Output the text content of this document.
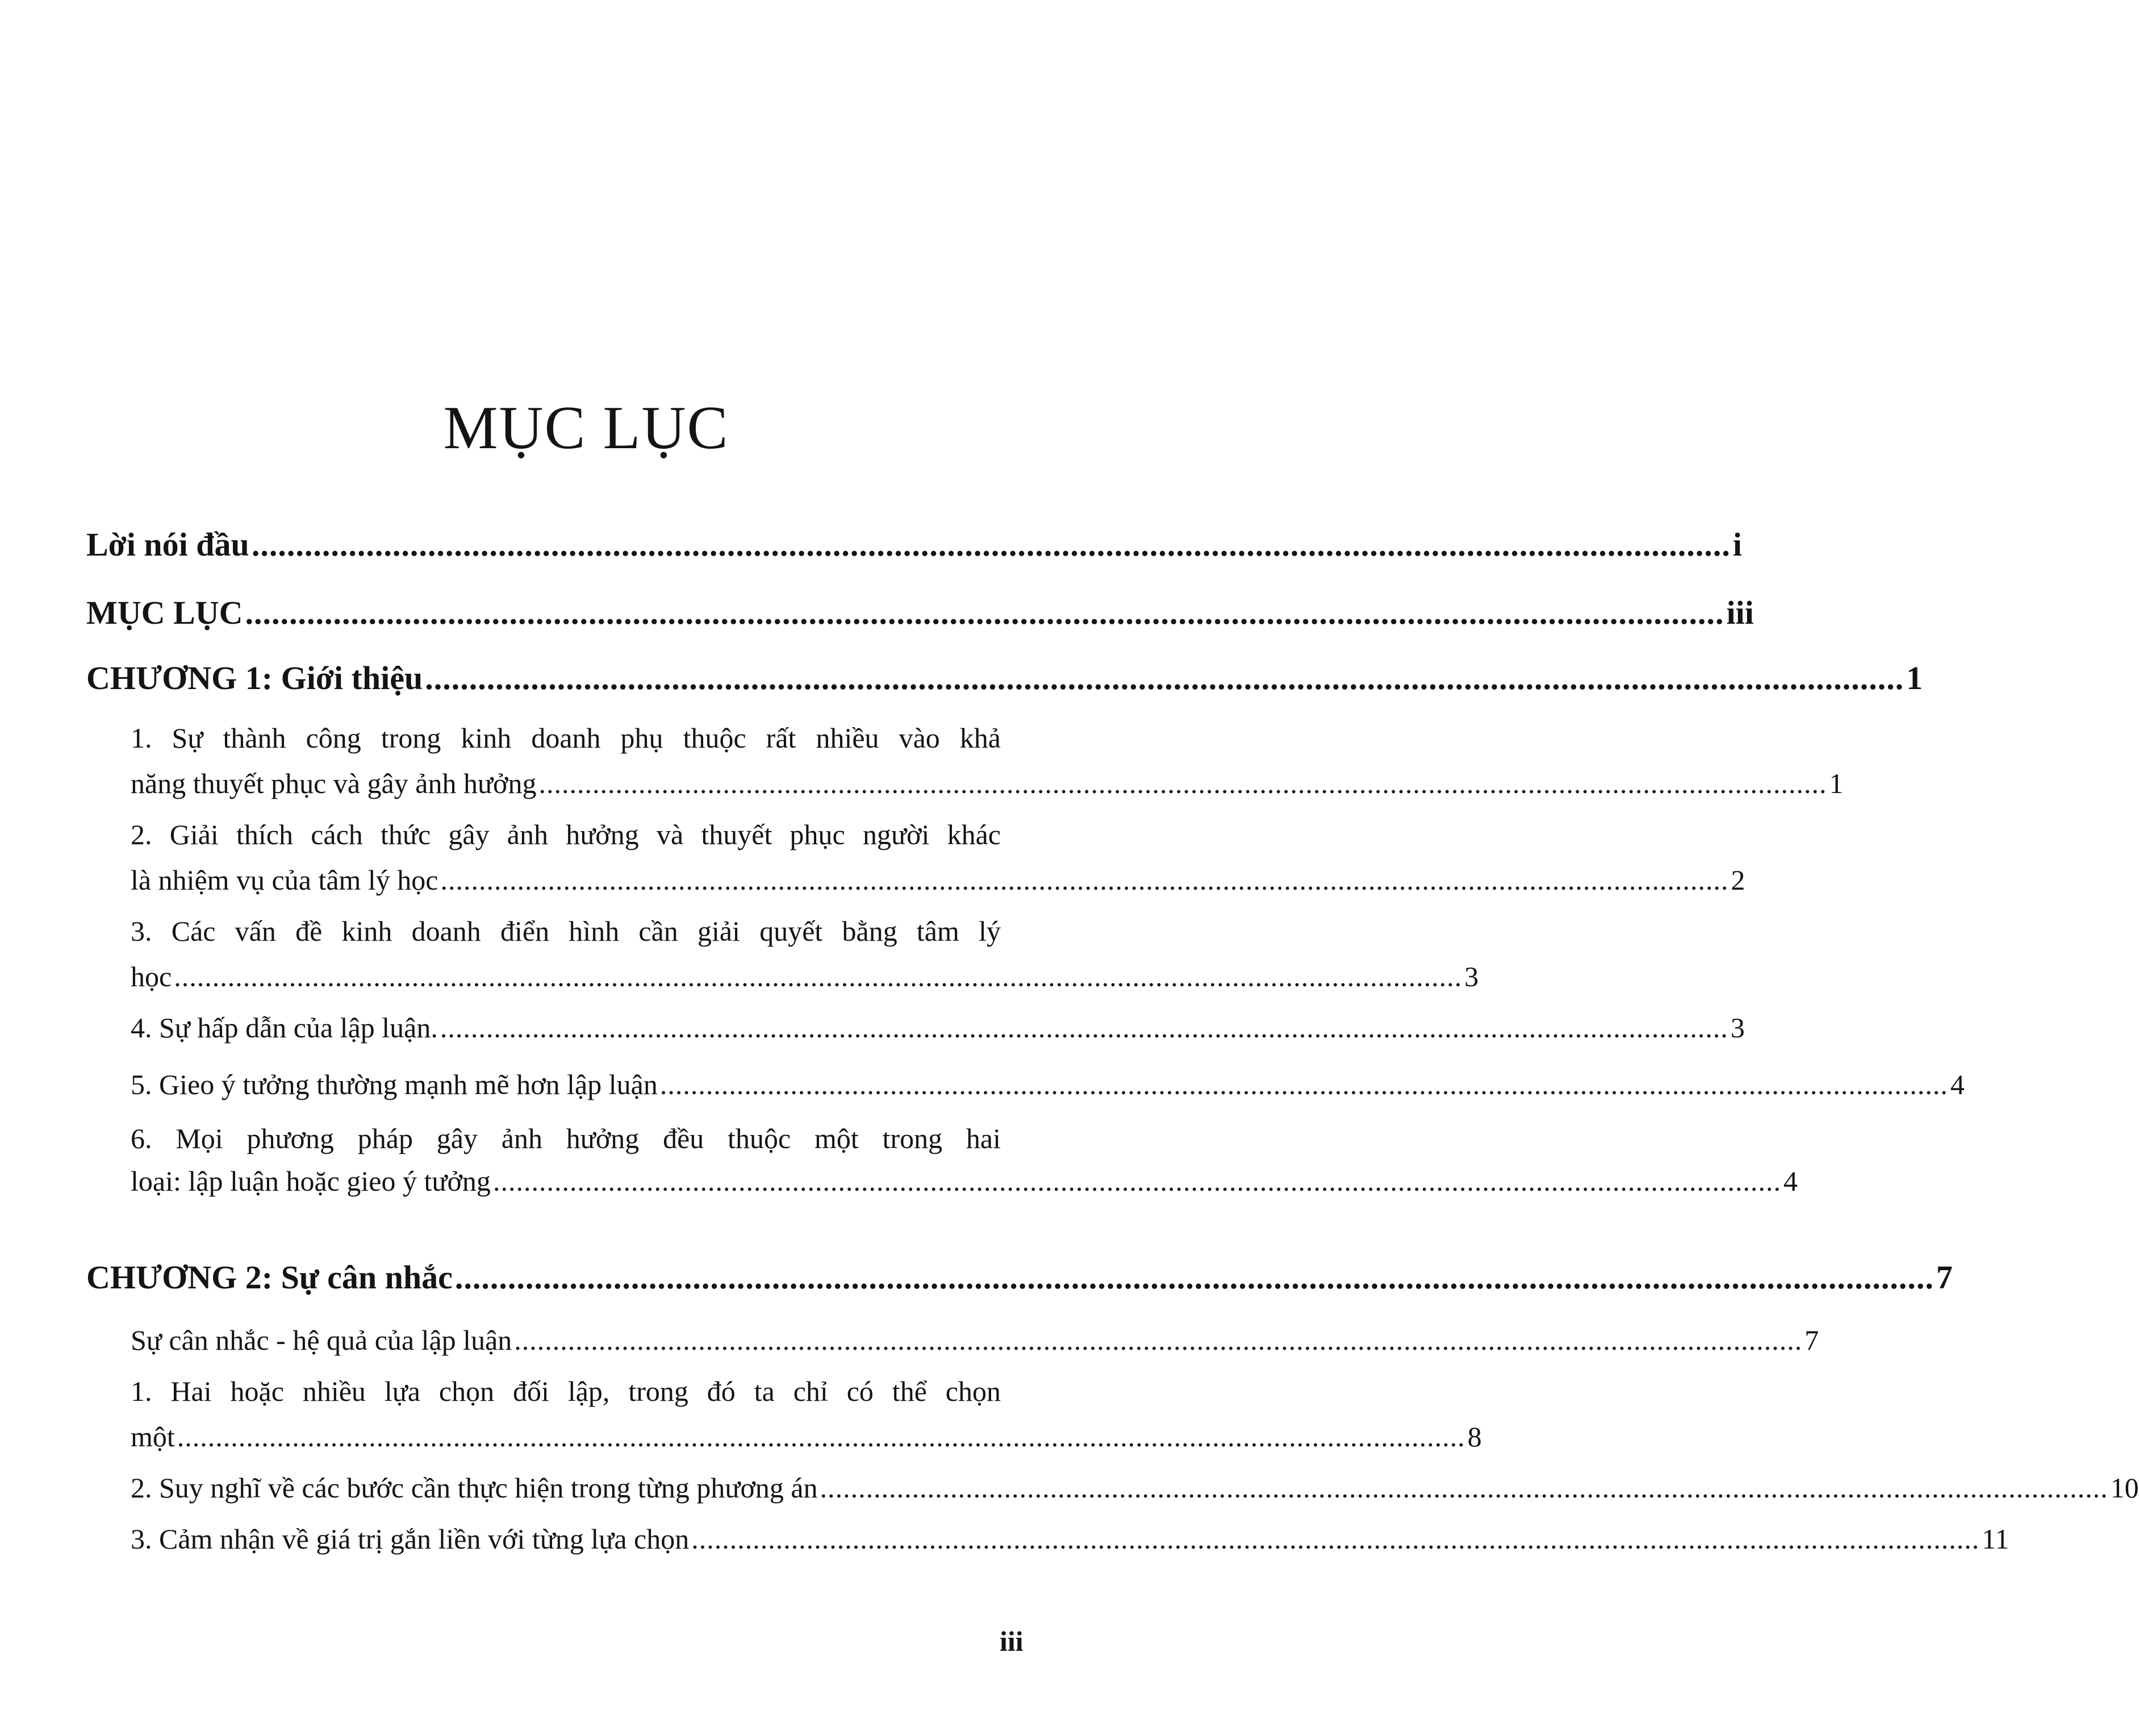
MỤC LỤC
Lời nói đầu ........................................................................................................................................................................ i
MỤC LỤC ........................................................................................................................................................................ iii
CHƯƠNG 1: Giới thiệu ........................................................................................................................................................................ 1
1. Sự thành công trong kinh doanh phụ thuộc rất nhiều vào khả
năng thuyết phục và gây ảnh hưởng ........................................................................................................................................................................ 1
2. Giải thích cách thức gây ảnh hưởng và thuyết phục người khác
là nhiệm vụ của tâm lý học ........................................................................................................................................................................ 2
3. Các vấn đề kinh doanh điển hình cần giải quyết bằng tâm lý
học ........................................................................................................................................................................ 3
4. Sự hấp dẫn của lập luận. ........................................................................................................................................................................ 3
5. Gieo ý tưởng thường mạnh mẽ hơn lập luận ........................................................................................................................................................................ 4
6. Mọi phương pháp gây ảnh hưởng đều thuộc một trong hai
loại: lập luận hoặc gieo ý tưởng ........................................................................................................................................................................ 4
CHƯƠNG 2: Sự cân nhắc ........................................................................................................................................................................ 7
Sự cân nhắc - hệ quả của lập luận ........................................................................................................................................................................ 7
1. Hai hoặc nhiều lựa chọn đối lập, trong đó ta chỉ có thể chọn
một ........................................................................................................................................................................ 8
2. Suy nghĩ về các bước cần thực hiện trong từng phương án ........................................................................................................................................................................ 10
3. Cảm nhận về giá trị gắn liền với từng lựa chọn ........................................................................................................................................................................ 11
iii
